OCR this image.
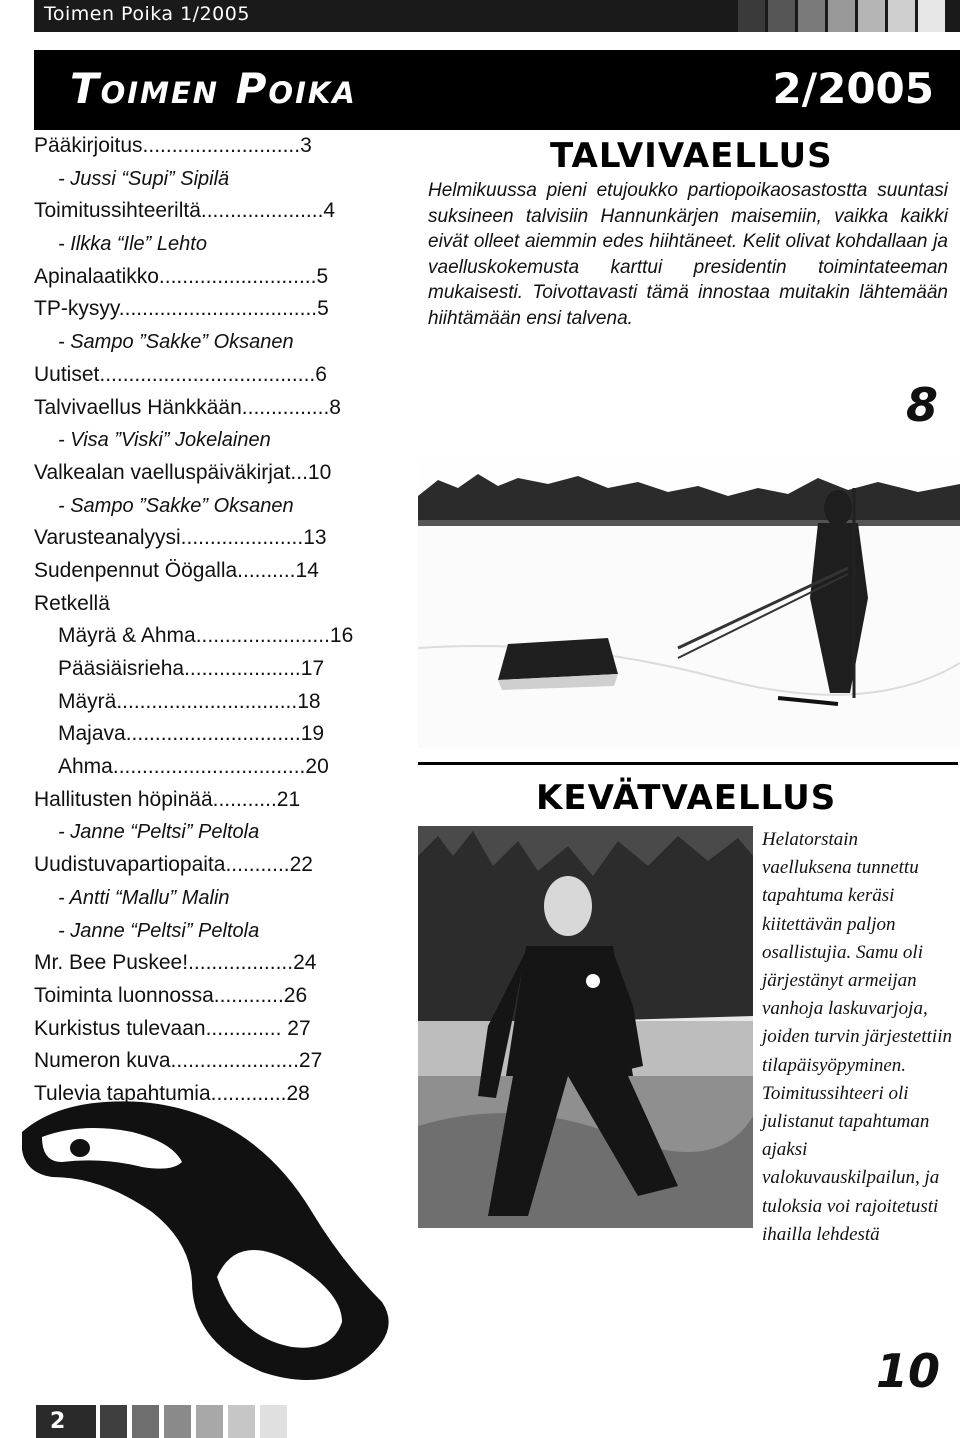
Toimen Poika 1/2005
Toimen Poika	2/2005
Pääkirjoitus...........................3
- Jussi “Supi” Sipilä
Toimitussihteeriltä.....................4
- Ilkka “Ile” Lehto
Apinalaatikko...........................5
TP-kysyy..................................5
- Sampo ”Sakke” Oksanen
Uutiset.....................................6
Talvivaellus Hänkkään...............8
- Visa ”Viski” Jokelainen
Valkealan vaelluspäiväkirjat...10
- Sampo ”Sakke” Oksanen
Varusteanalyysi.....................13
Sudenpennut Öögalla..........14
Retkellä
Mäyrä & Ahma.......................16
Pääsiäisrieha....................17
Mäyrä...............................18
Majava..............................19
Ahma.................................20
Hallitusten höpinää...........21
- Janne “Peltsi” Peltola
Uudistuvapartiopaita...........22
- Antti “Mallu” Malin
- Janne “Peltsi” Peltola
Mr. Bee Puskee!..................24
Toiminta luonnossa............26
Kurkistus tulevaan............. 27
Numeron kuva......................27
Tulevia tapahtumia.............28
TALVIVAELLUS
Helmikuussa pieni etujoukko partiopoikaosastostta suuntasi suksineen talvisiin Hannunkärjen maisemiin, vaikka kaikki eivät olleet aiemmin edes hiihtäneet. Kelit olivat kohdallaan ja vaelluskokemusta karttui presidentin toimintateeman mukaisesti. Toivottavasti tämä innostaa muitakin lähtemään hiihtämään ensi talvena.
8
KEVÄTVAELLUS
Helatorstain vaelluksena tunnettu tapahtuma keräsi kiitettävän paljon osallistujia. Samu oli järjestänyt armeijan vanhoja laskuvarjoja, joiden turvin järjestettiin tilapäisyöpyminen. Toimitussihteeri oli julistanut tapahtuman ajaksi valokuvauskilpailun, ja tuloksia voi rajoitetusti ihailla lehdestä
10
2
